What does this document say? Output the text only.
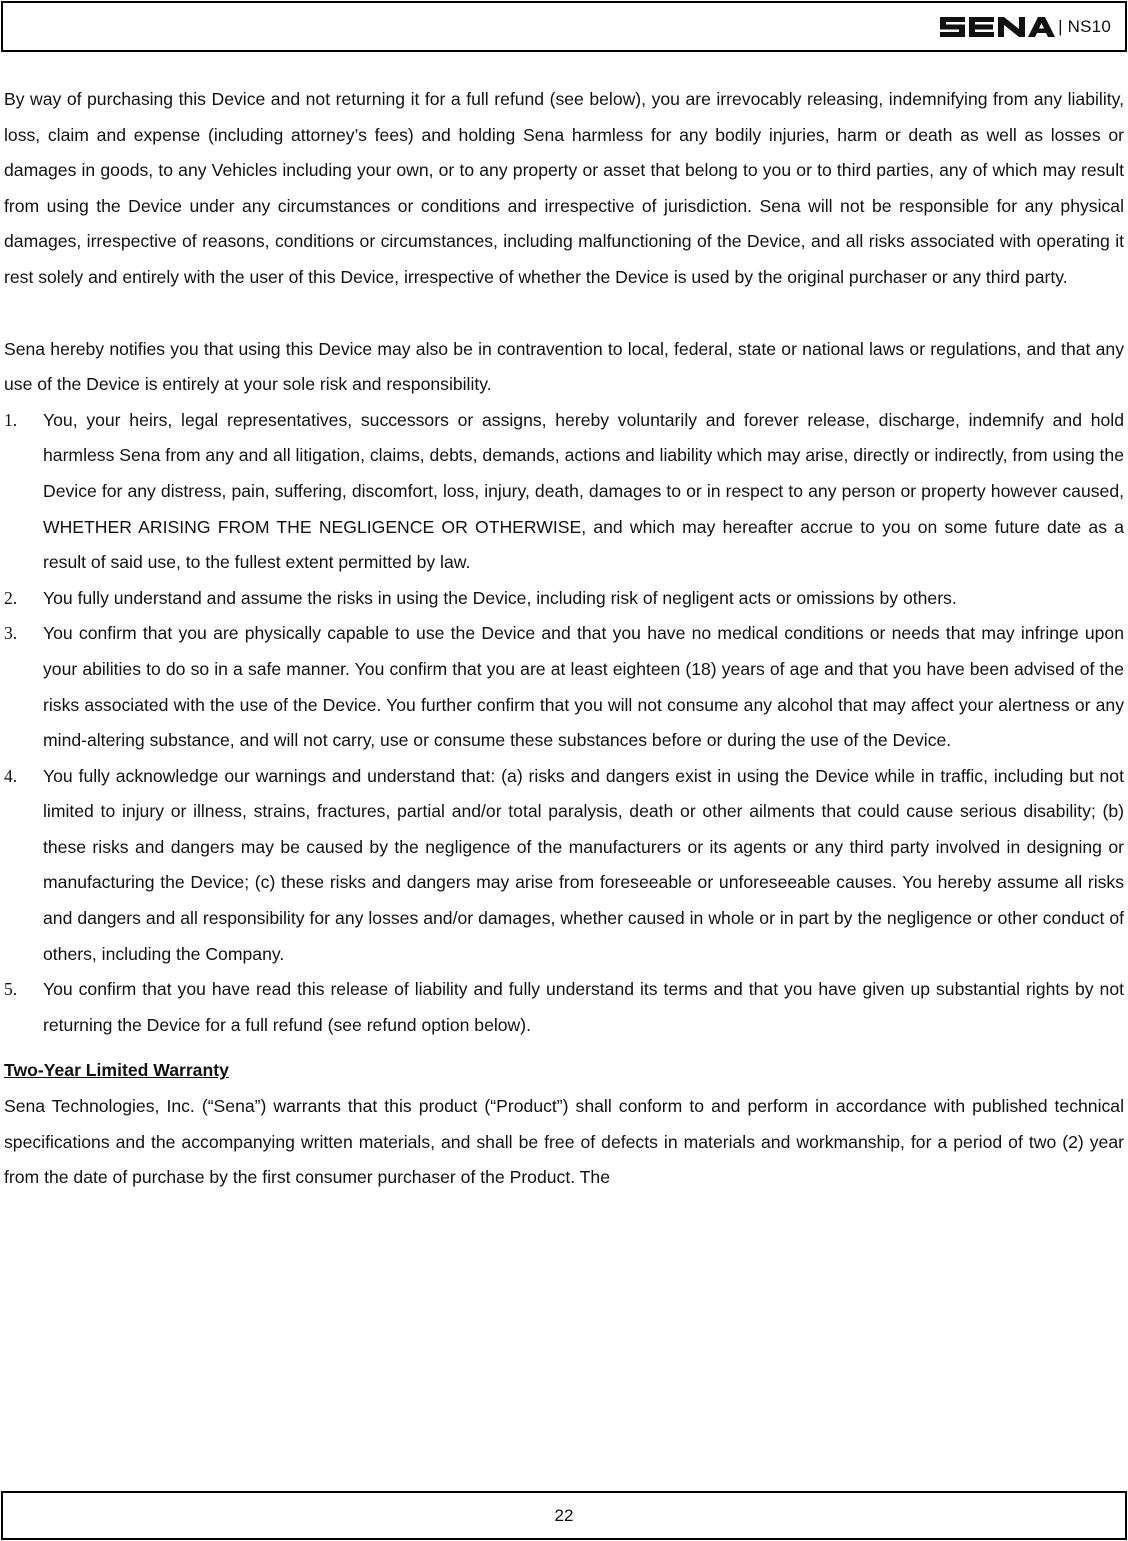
| NS10

By way of purchasing this Device and not returning it for a full refund (see below), you are irrevocably releasing, indemnifying from any liability, loss, claim and expense (including attorney’s fees) and holding Sena harmless for any bodily injuries, harm or death as well as losses or damages in goods, to any Vehicles including your own, or to any property or asset that belong to you or to third parties, any of which may result from using the Device under any circumstances or conditions and irrespective of jurisdiction. Sena will not be responsible for any physical damages, irrespective of reasons, conditions or circumstances, including malfunctioning of the Device, and all risks associated with operating it rest solely and entirely with the user of this Device, irrespective of whether the Device is used by the original purchaser or any third party.

Sena hereby notifies you that using this Device may also be in contravention to local, federal, state or national laws or regulations, and that any use of the Device is entirely at your sole risk and responsibility.

1. You, your heirs, legal representatives, successors or assigns, hereby voluntarily and forever release, discharge, indemnify and hold harmless Sena from any and all litigation, claims, debts, demands, actions and liability which may arise, directly or indirectly, from using the Device for any distress, pain, suffering, discomfort, loss, injury, death, damages to or in respect to any person or property however caused, WHETHER ARISING FROM THE NEGLIGENCE OR OTHERWISE, and which may hereafter accrue to you on some future date as a result of said use, to the fullest extent permitted by law.
2. You fully understand and assume the risks in using the Device, including risk of negligent acts or omissions by others.
3. You confirm that you are physically capable to use the Device and that you have no medical conditions or needs that may infringe upon your abilities to do so in a safe manner. You confirm that you are at least eighteen (18) years of age and that you have been advised of the risks associated with the use of the Device. You further confirm that you will not consume any alcohol that may affect your alertness or any mind-altering substance, and will not carry, use or consume these substances before or during the use of the Device.
4. You fully acknowledge our warnings and understand that: (a) risks and dangers exist in using the Device while in traffic, including but not limited to injury or illness, strains, fractures, partial and/or total paralysis, death or other ailments that could cause serious disability; (b) these risks and dangers may be caused by the negligence of the manufacturers or its agents or any third party involved in designing or manufacturing the Device; (c) these risks and dangers may arise from foreseeable or unforeseeable causes. You hereby assume all risks and dangers and all responsibility for any losses and/or damages, whether caused in whole or in part by the negligence or other conduct of others, including the Company.
5. You confirm that you have read this release of liability and fully understand its terms and that you have given up substantial rights by not returning the Device for a full refund (see refund option below).

Two-Year Limited Warranty

Sena Technologies, Inc. (“Sena”) warrants that this product (“Product”) shall conform to and perform in accordance with published technical specifications and the accompanying written materials, and shall be free of defects in materials and workmanship, for a period of two (2) year from the date of purchase by the first consumer purchaser of the Product. The

22
